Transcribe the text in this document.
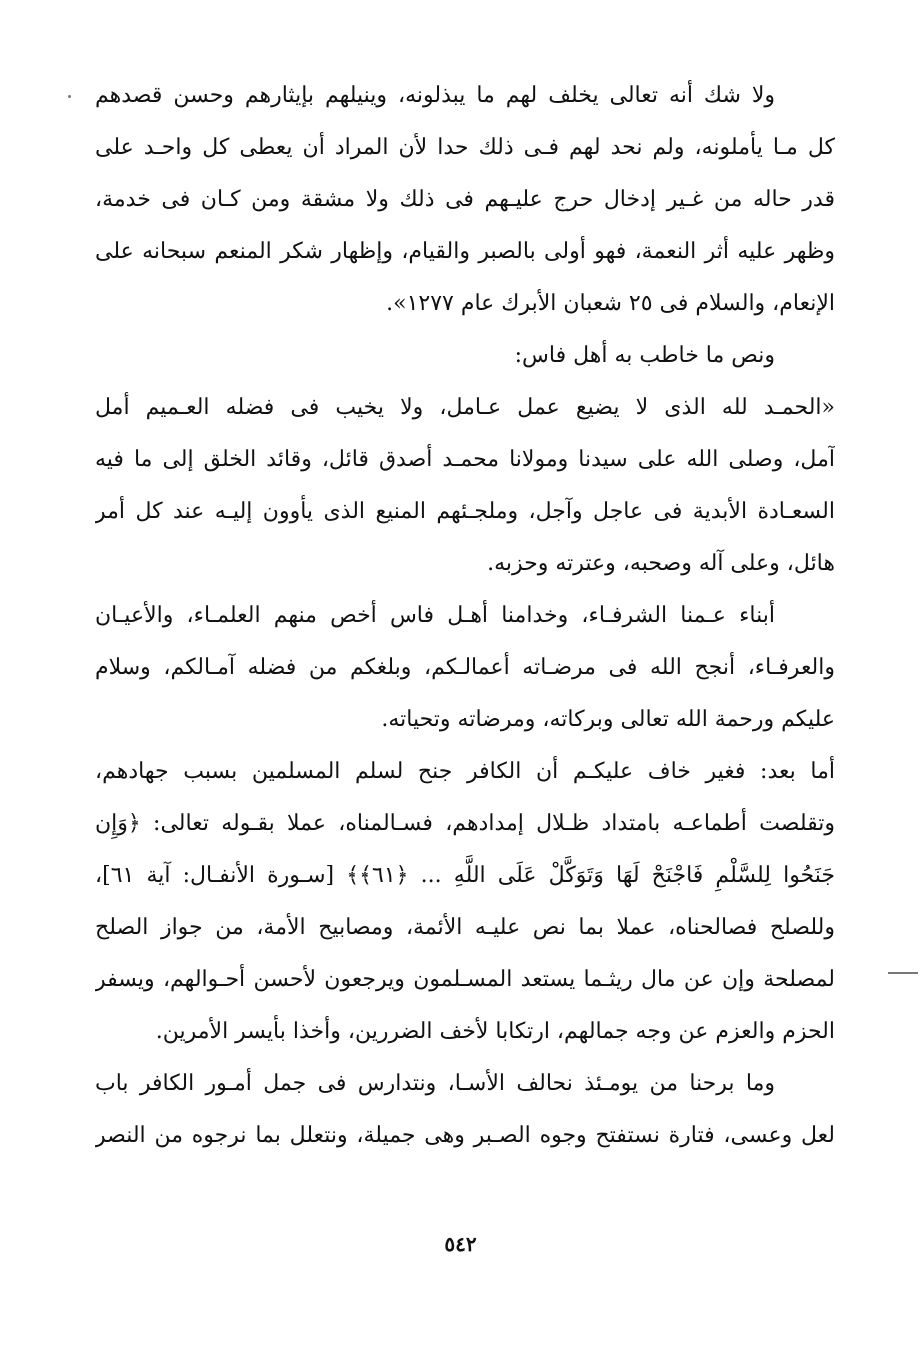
ولا شك أنه تعالى يخلف لهم ما يبذلونه، وينيلهم بإيثارهم وحسن قصدهم
كل مـا يأملونه، ولم نحد لهم فـى ذلك حدا لأن المراد أن يعطى كل واحـد على
قدر حاله من غـير إدخال حرج عليـهم فى ذلك ولا مشقة ومن كـان فى خدمة،
وظهر عليه أثر النعمة، فهو أولى بالصبر والقيام، وإظهار شكر المنعم سبحانه على
الإنعام، والسلام فى ٢٥ شعبان الأبرك عام ١٢٧٧».
ونص ما خاطب به أهل فاس:
«الحمـد لله الذى لا يضيع عمل عـامل، ولا يخيب فى فضله العـميم أمل
آمل، وصلى الله على سيدنا ومولانا محمـد أصدق قائل، وقائد الخلق إلى ما فيه
السعـادة الأبدية فى عاجل وآجل، وملجـئهم المنيع الذى يأوون إليـه عند كل أمر
هائل، وعلى آله وصحبه، وعترته وحزبه.
أبناء عـمنا الشرفـاء، وخدامنا أهـل فاس أخص منهم العلمـاء، والأعيـان
والعرفـاء، أنجح الله فى مرضـاته أعمالـكم، وبلغكم من فضله آمـالكم، وسلام
عليكم ورحمة الله تعالى وبركاته، ومرضاته وتحياته.
أما بعد: فغير خاف عليكـم أن الكافر جنح لسلم المسلمين بسبب جهادهم،
وتقلصت أطماعـه بامتداد ظـلال إمدادهم، فسـالمناه، عملا بقـوله تعالى: ﴿وَإِن
جَنَحُوا لِلسَّلْمِ فَاجْنَحْ لَهَا وَتَوَكَّلْ عَلَى اللَّهِ ... ﴿٦١﴾﴾ [سـورة الأنفـال: آية ٦١]،
وللصلح فصالحناه، عملا بما نص عليـه الأئمة، ومصابيح الأمة، من جواز الصلح
لمصلحة وإن عن مال ريثـما يستعد المسـلمون ويرجعون لأحسن أحـوالهم، ويسفر
الحزم والعزم عن وجه جمالهم، ارتكابا لأخف الضررين، وأخذا بأيسر الأمرين.
وما برحنا من يومـئذ نحالف الأسـا، ونتدارس فى جمل أمـور الكافر باب
لعل وعسى، فتارة نستفتح وجوه الصـبر وهى جميلة، ونتعلل بما نرجوه من النصر
٥٤٢
